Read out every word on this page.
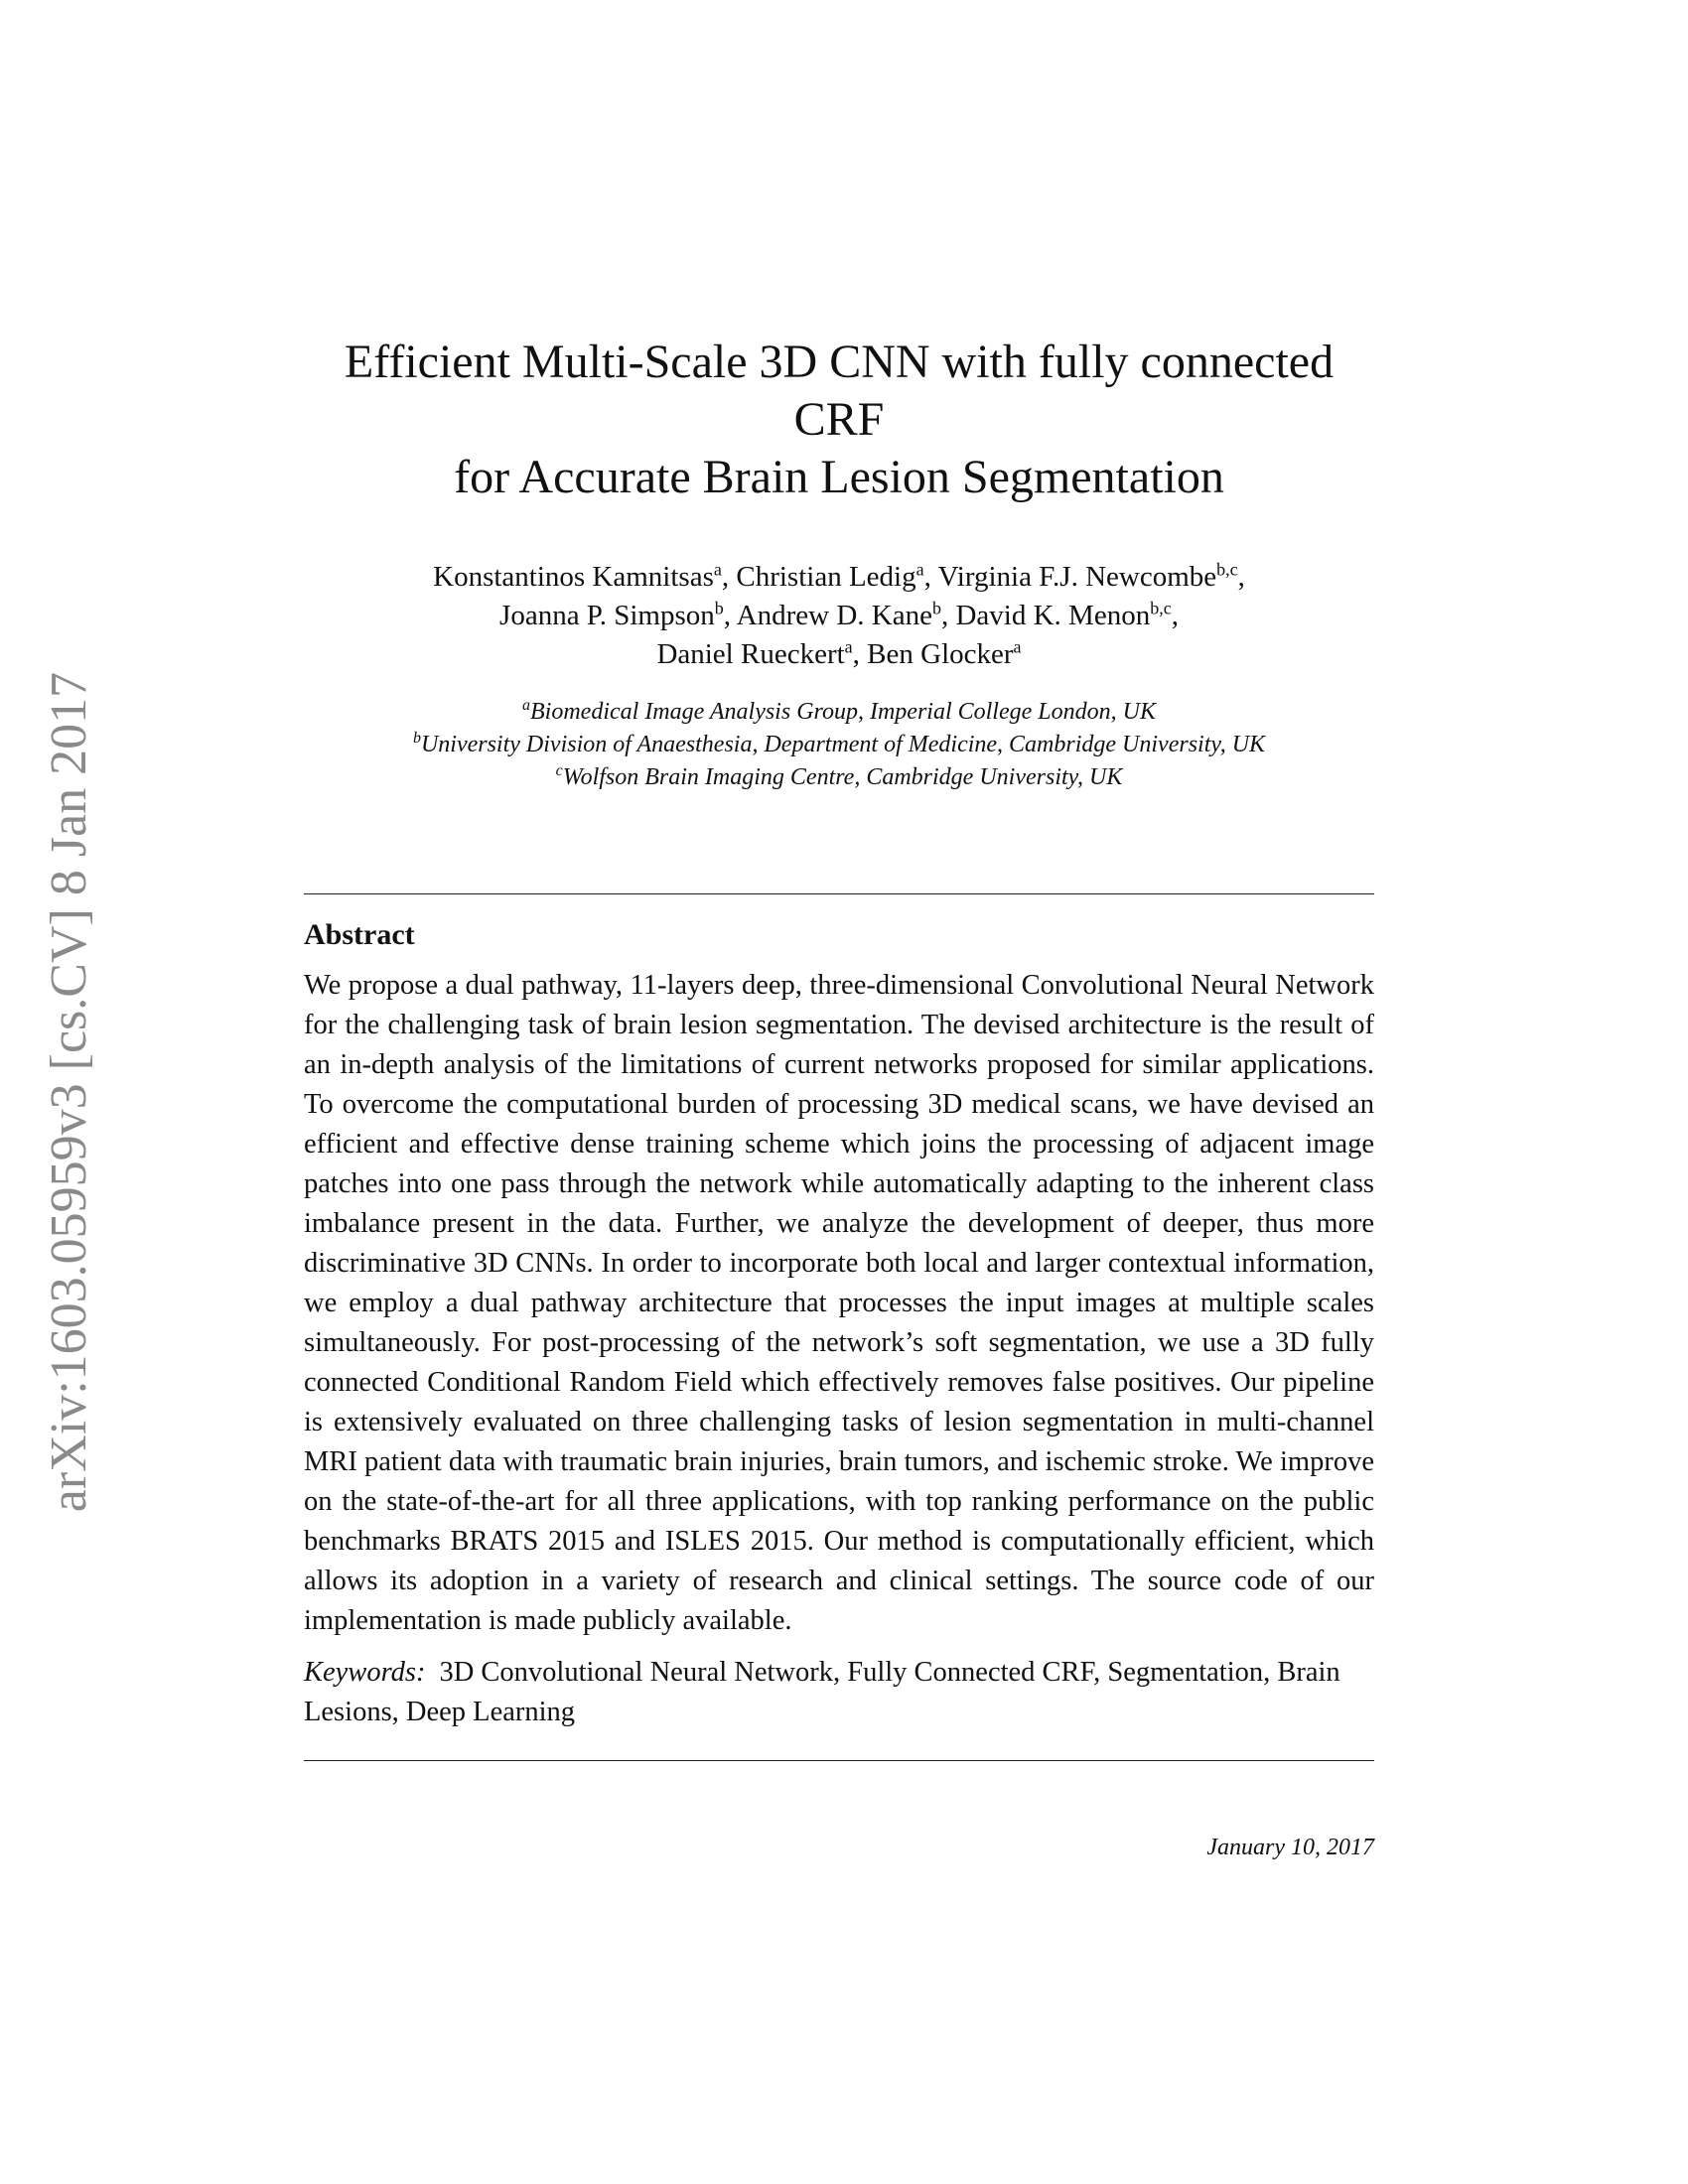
arXiv:1603.05959v3 [cs.CV] 8 Jan 2017
Efficient Multi-Scale 3D CNN with fully connected CRF
for Accurate Brain Lesion Segmentation
Konstantinos Kamnitsas$^a$, Christian Ledig$^a$, Virginia F.J. Newcombe$^{b,c}$,
Joanna P. Simpson$^b$, Andrew D. Kane$^b$, David K. Menon$^{b,c}$,
Daniel Rueckert$^a$, Ben Glocker$^a$
$^a$Biomedical Image Analysis Group, Imperial College London, UK
$^b$University Division of Anaesthesia, Department of Medicine, Cambridge University, UK
$^c$Wolfson Brain Imaging Centre, Cambridge University, UK
Abstract

We propose a dual pathway, 11-layers deep, three-dimensional Convolutional Neural Network for the challenging task of brain lesion segmentation. The devised architecture is the result of an in-depth analysis of the limitations of current networks proposed for similar applications. To overcome the computational burden of processing 3D medical scans, we have devised an efficient and effective dense training scheme which joins the processing of adjacent image patches into one pass through the network while automatically adapting to the inherent class imbalance present in the data. Further, we analyze the development of deeper, thus more discriminative 3D CNNs. In order to incorporate both local and larger contextual information, we employ a dual pathway architecture that processes the input images at multiple scales simultaneously. For post-processing of the network’s soft segmentation, we use a 3D fully connected Conditional Random Field which effectively removes false positives. Our pipeline is extensively evaluated on three challenging tasks of lesion segmentation in multi-channel MRI patient data with traumatic brain injuries, brain tumors, and ischemic stroke. We improve on the state-of-the-art for all three applications, with top ranking performance on the public benchmarks BRATS 2015 and ISLES 2015. Our method is computationally efficient, which allows its adoption in a variety of research and clinical settings. The source code of our implementation is made publicly available.

Keywords: 3D Convolutional Neural Network, Fully Connected CRF, Segmentation, Brain Lesions, Deep Learning
January 10, 2017
